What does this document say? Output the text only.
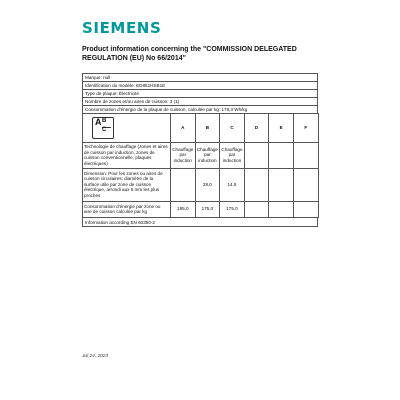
SIEMENS
Product information concerning the "COMMISSION DELEGATED REGULATION (EU) No 66/2014"
Marque: null
Identification du modèle: ED851HSB1E
Type de plaque: Électricité
Nombre de zones et/ou aires de cuisson: 3 (1)
Consommation d'énergie de la plaque de cuisson, calculée par kg: 178,3 Wh/kg
A B
C	A	B	C	D	E	F
Technologie de chauffage (zones et aires de cuisson par induction, zones de cuisson conventionnelle, plaques électriques)	Chauffage par induction	Chauffage par induction	Chauffage par induction			
Dimension: Pour les zones ou aires de cuisson circulaires: diamètre de la surface utile par zone de cuisson électrique, arrondi aux 5 mm les plus proches		28,0	14,5			
Consommation d'énergie par zone ou aire de cuisson calculée par kg	185,0	175,0	175,0			
Information according EN 60350-2
Jul 24, 2023
